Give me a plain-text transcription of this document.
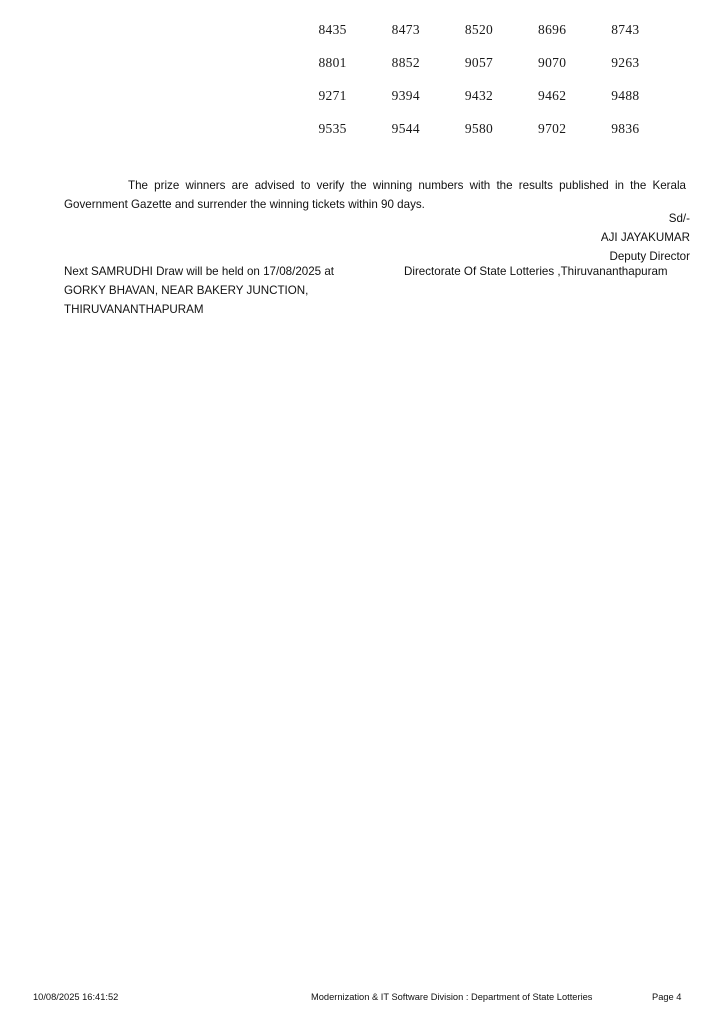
8435	8473	8520	8696	8743
8801	8852	9057	9070	9263
9271	9394	9432	9462	9488
9535	9544	9580	9702	9836
The prize winners are advised to verify the winning numbers with the results published in the Kerala Government Gazette and surrender the winning tickets within 90 days.
Sd/-
AJI JAYAKUMAR
Deputy Director
Next SAMRUDHI Draw will be held on 17/08/2025 at
GORKY BHAVAN, NEAR BAKERY JUNCTION,
THIRUVANANTHAPURAM
Directorate Of State Lotteries ,Thiruvananthapuram
10/08/2025 16:41:52	Modernization & IT Software Division : Department of State Lotteries	Page 4
